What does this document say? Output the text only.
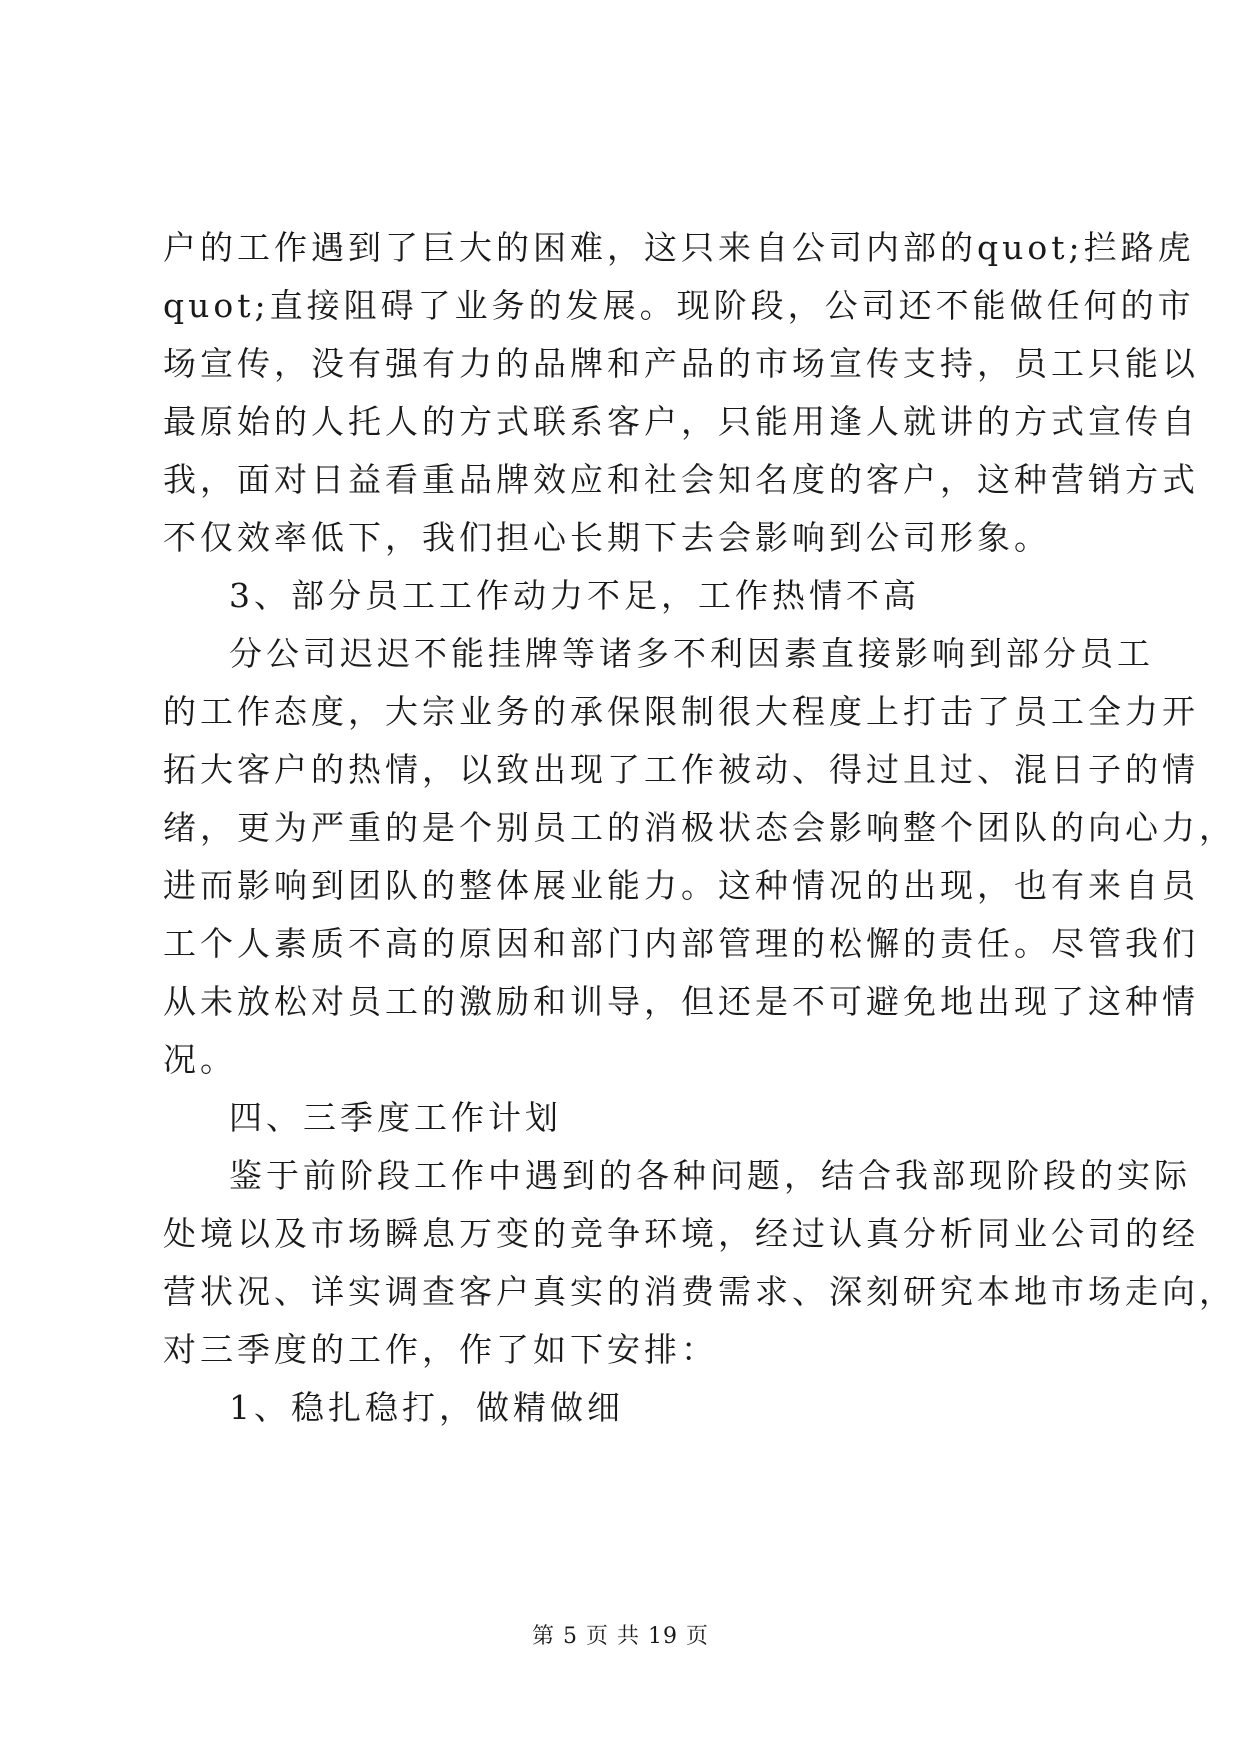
户的工作遇到了巨大的困难，这只来自公司内部的quot;拦路虎
quot;直接阻碍了业务的发展。现阶段，公司还不能做任何的市
场宣传，没有强有力的品牌和产品的市场宣传支持，员工只能以
最原始的人托人的方式联系客户，只能用逢人就讲的方式宣传自
我，面对日益看重品牌效应和社会知名度的客户，这种营销方式
不仅效率低下，我们担心长期下去会影响到公司形象。
3、部分员工工作动力不足，工作热情不高
分公司迟迟不能挂牌等诸多不利因素直接影响到部分员工
的工作态度，大宗业务的承保限制很大程度上打击了员工全力开
拓大客户的热情，以致出现了工作被动、得过且过、混日子的情
绪，更为严重的是个别员工的消极状态会影响整个团队的向心力，
进而影响到团队的整体展业能力。这种情况的出现，也有来自员
工个人素质不高的原因和部门内部管理的松懈的责任。尽管我们
从未放松对员工的激励和训导，但还是不可避免地出现了这种情
况。
四、三季度工作计划
鉴于前阶段工作中遇到的各种问题，结合我部现阶段的实际
处境以及市场瞬息万变的竞争环境，经过认真分析同业公司的经
营状况、详实调查客户真实的消费需求、深刻研究本地市场走向，
对三季度的工作，作了如下安排：
1、稳扎稳打，做精做细
第 5 页 共 19 页
